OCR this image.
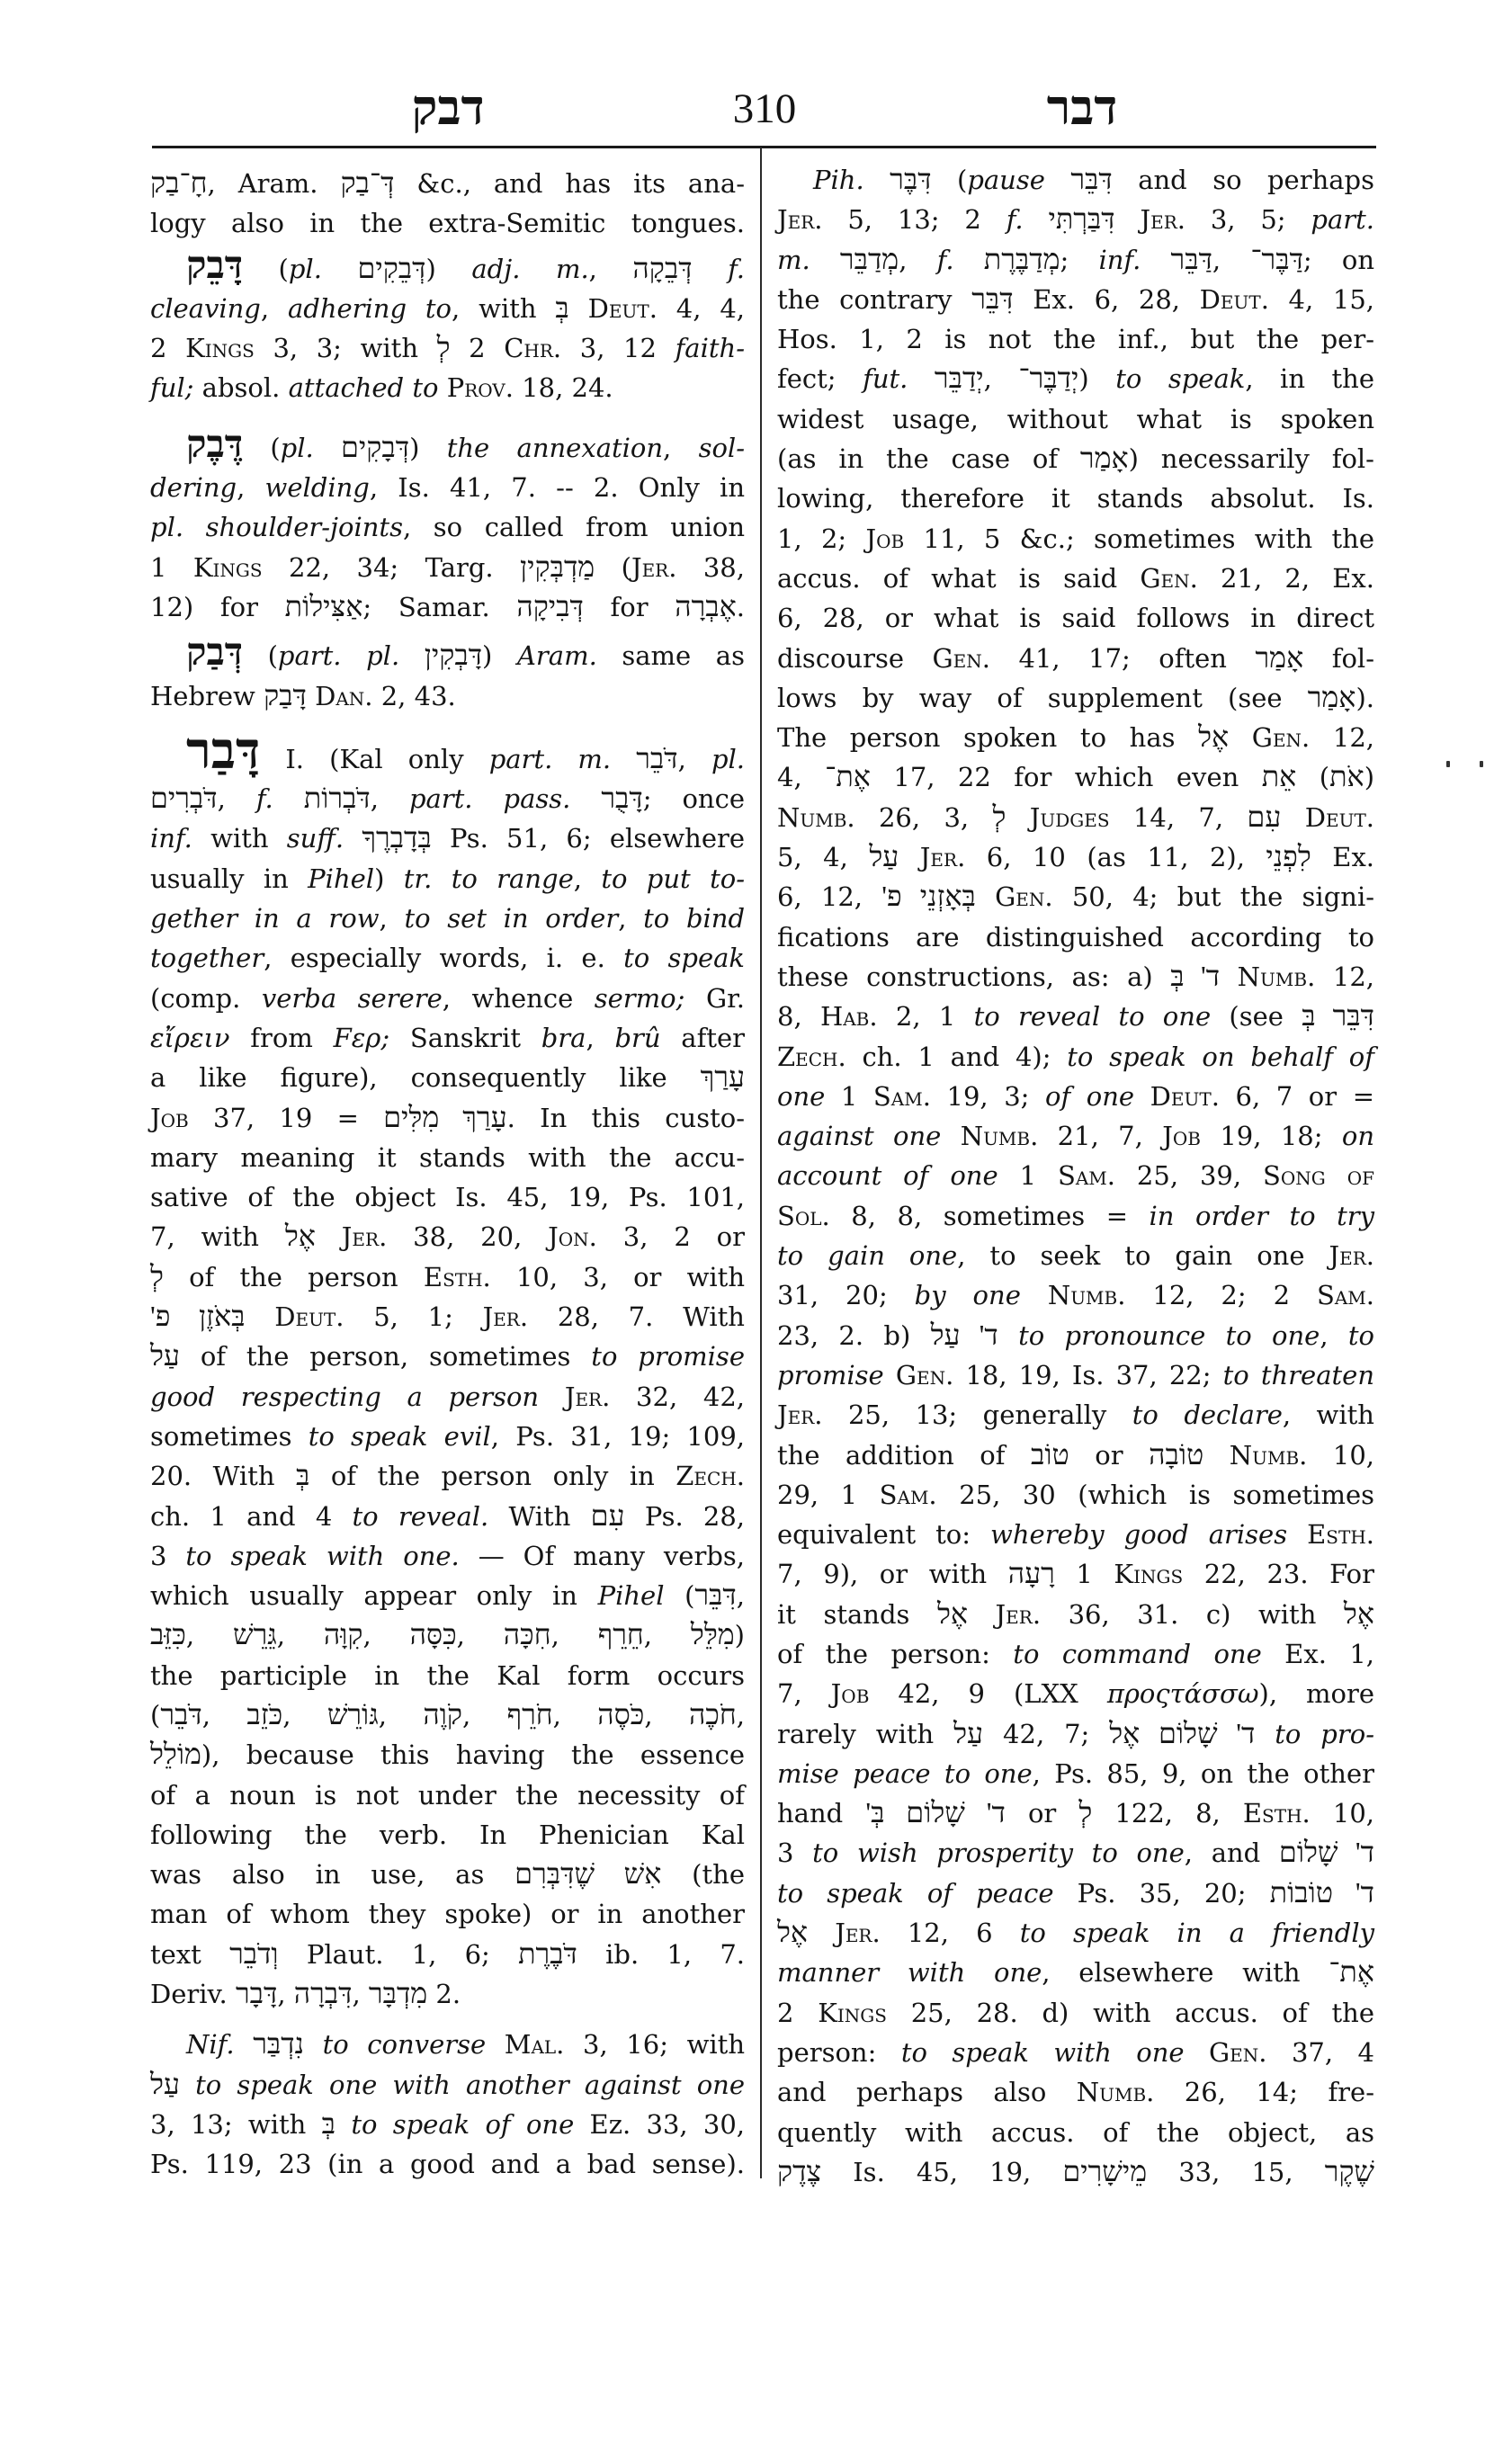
דבק	310	דבר
חָ־בַק, Aram. דְּ־בַק &c., and has its ana-
logy also in the extra-Semitic tongues.
דָּבֵק (pl. דְּבֵקִים) adj. m., דְּבֵקָה f.
cleaving, adhering to, with בְּ Deut. 4, 4,
2 Kings 3, 3; with לְ 2 Chr. 3, 12 faith-
ful; absol. attached to Prov. 18, 24.
דֶּבֶק (pl. דְּבָקִים) the annexation, sol-
dering, welding, Is. 41, 7. -- 2. Only in
pl. shoulder-joints, so called from union
1 Kings 22, 34; Targ. מַדְבְּקִין (Jer. 38,
12) for אַצִּילוֹת; Samar. דְּבִיקָה for אֶבְרָה.
דְּבַק (part. pl. דָּבְקִין) Aram. same as
Hebrew דָּבַק Dan. 2, 43.
דָּבַר I. (Kal only part. m. דֹּבֵר, pl.
דֹּבְרִים, f. דֹּבְרוֹת, part. pass. דָּבֻר; once
inf. with suff. בְּדָבְרֶךָ Ps. 51, 6; elsewhere
usually in Pihel) tr. to range, to put to-
gether in a row, to set in order, to bind
together, especially words, i. e. to speak
(comp. verba serere, whence sermo; Gr.
εἴρειν from Fερ; Sanskrit bra, brû after
a like figure), consequently like עָרַךְ
Job 37, 19 = עָרַךְ מִלִּים. In this custo-
mary meaning it stands with the accu-
sative of the object Is. 45, 19, Ps. 101,
7, with אֶל Jer. 38, 20, Jon. 3, 2 or
לְ of the person Esth. 10, 3, or with
בְּאֹזֶן פ' Deut. 5, 1; Jer. 28, 7. With
עַל of the person, sometimes to promise
good respecting a person Jer. 32, 42,
sometimes to speak evil, Ps. 31, 19; 109,
20. With בְּ of the person only in Zech.
ch. 1 and 4 to reveal. With עִם Ps. 28,
3 to speak with one. — Of many verbs,
which usually appear only in Pihel (דִּבֵּר,
כִּזֵּב, גֵּרֵשׁ, קִוָּה, כִּסָּה, חִכָּה, חֵרֵף, מִלֵּל)
the participle in the Kal form occurs
(דֹּבֵר, כֹּזֵב, גּוֹרֵשׁ, קֹוֶה, חֹרֵף, כֹּסֶה, חֹכֶה,
מוֹלֵל), because this having the essence
of a noun is not under the necessity of
following the verb. In Phenician Kal
was also in use, as אִשׁ שֶׁדִּבְּרִם (the
man of whom they spoke) or in another
text וְדֹבֵר Plaut. 1, 6; דֹּבֶרֶת ib. 1, 7.
Deriv. דָּבָר, דִּבְרָה, מִדְבָּר 2.
Nif. נִדְבַּר to converse Mal. 3, 16; with
עַל to speak one with another against one
3, 13; with בְּ to speak of one Ez. 33, 30,
Ps. 119, 23 (in a good and a bad sense).
Pih. דִּבֶּר (pause דִּבֵּר and so perhaps
Jer. 5, 13; 2 f. דִּבַּרְתִּי Jer. 3, 5; part.
m. מְדַבֵּר, f. מְדַבֶּרֶת; inf. דַּבֵּר, דַּבֶּר־; on
the contrary דִּבֵּר Ex. 6, 28, Deut. 4, 15,
Hos. 1, 2 is not the inf., but the per-
fect; fut. יְדַבֵּר, יְדַבֶּר־) to speak, in the
widest usage, without what is spoken
(as in the case of אָמַר) necessarily fol-
lowing, therefore it stands absolut. Is.
1, 2; Job 11, 5 &c.; sometimes with the
accus. of what is said Gen. 21, 2, Ex.
6, 28, or what is said follows in direct
discourse Gen. 41, 17; often אָמַר fol-
lows by way of supplement (see אָמַר).
The person spoken to has אֶל Gen. 12,
4, אֶת־ 17, 22 for which even אֵת (אֹת)
Numb. 26, 3, לְ Judges 14, 7, עִם Deut.
5, 4, עַל Jer. 6, 10 (as 11, 2), לִפְנֵי Ex.
6, 12, בְּאָזְנֵי פ' Gen. 50, 4; but the signi-
fications are distinguished according to
these constructions, as: a) ד' בְּ Numb. 12,
8, Hab. 2, 1 to reveal to one (see דִּבֵּר בְּ
Zech. ch. 1 and 4); to speak on behalf of
one 1 Sam. 19, 3; of one Deut. 6, 7 or =
against one Numb. 21, 7, Job 19, 18; on
account of one 1 Sam. 25, 39, Song of
Sol. 8, 8, sometimes = in order to try
to gain one, to seek to gain one Jer.
31, 20; by one Numb. 12, 2; 2 Sam.
23, 2. b) ד' עַל to pronounce to one, to
promise Gen. 18, 19, Is. 37, 22; to threaten
Jer. 25, 13; generally to declare, with
the addition of טוֹב or טוֹבָה Numb. 10,
29, 1 Sam. 25, 30 (which is sometimes
equivalent to: whereby good arises Esth.
7, 9), or with רָעָה 1 Kings 22, 23. For
it stands אֶל Jer. 36, 31. c) with אֶל
of the person: to command one Ex. 1,
7, Job 42, 9 (LXX προςτάσσω), more
rarely with עַל 42, 7; ד' שָׁלוֹם אֶל to pro-
mise peace to one, Ps. 85, 9, on the other
hand ד' שָׁלוֹם בְּ' or לְ 122, 8, Esth. 10,
3 to wish prosperity to one, and ד' שָׁלוֹם
to speak of peace Ps. 35, 20; ד' טוֹבוֹת
אֶל Jer. 12, 6 to speak in a friendly
manner with one, elsewhere with אֶת־
2 Kings 25, 28. d) with accus. of the
person: to speak with one Gen. 37, 4
and perhaps also Numb. 26, 14; fre-
quently with accus. of the object, as
צֶדֶק Is. 45, 19, מֵישָׁרִים 33, 15, שֶׁקֶר
